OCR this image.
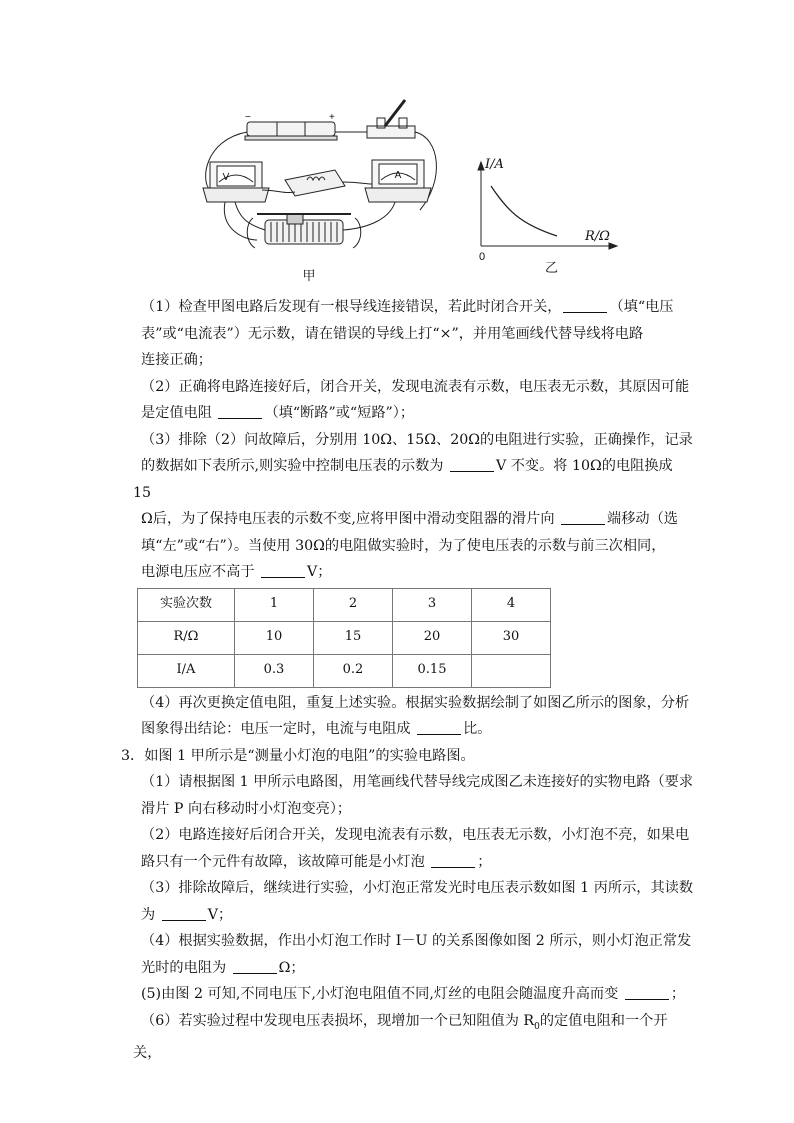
甲
V	A
−	+
I/A
R/Ω
0
乙

（1）检查甲图电路后发现有一根导线连接错误，若此时闭合开关，	（填“电压

表”或“电流表”）无示数，请在错误的导线上打“×”，并用笔画线代替导线将电路

连接正确；

（2）正确将电路连接好后，闭合开关，发现电流表有示数，电压表无示数，其原因可能

是定值电阻	（填“断路”或“短路”）；

（3）排除（2）问故障后，分别用 10Ω、15Ω、20Ω的电阻进行实验，正确操作，记录

的数据如下表所示,则实验中控制电压表的示数为	V 不变。将 10Ω的电阻换成 15

Ω后，为了保持电压表的示数不变,应将甲图中滑动变阻器的滑片向	端移动（选

填“左”或“右”）。当使用 30Ω的电阻做实验时，为了使电压表的示数与前三次相同，

电源电压应不高于	V；

实验次数	1	2	3	4
R/Ω	10	15	20	30
I/A	0.3	0.2	0.15	

（4）再次更换定值电阻，重复上述实验。根据实验数据绘制了如图乙所示的图象，分析

图象得出结论：电压一定时，电流与电阻成	比。

3．如图 1 甲所示是“测量小灯泡的电阻”的实验电路图。

（1）请根据图 1 甲所示电路图，用笔画线代替导线完成图乙未连接好的实物电路（要求

滑片 P 向右移动时小灯泡变亮）；

（2）电路连接好后闭合开关，发现电流表有示数，电压表无示数，小灯泡不亮，如果电

路只有一个元件有故障，该故障可能是小灯泡	；

（3）排除故障后，继续进行实验，小灯泡正常发光时电压表示数如图 1 丙所示，其读数

为	V；

（4）根据实验数据，作出小灯泡工作时 I－U 的关系图像如图 2 所示，则小灯泡正常发

光时的电阻为	Ω；

(5)由图 2 可知,不同电压下,小灯泡电阻值不同,灯丝的电阻会随温度升高而变	；

（6）若实验过程中发现电压表损坏，现增加一个已知阻值为 $R_0$的定值电阻和一个开关，
